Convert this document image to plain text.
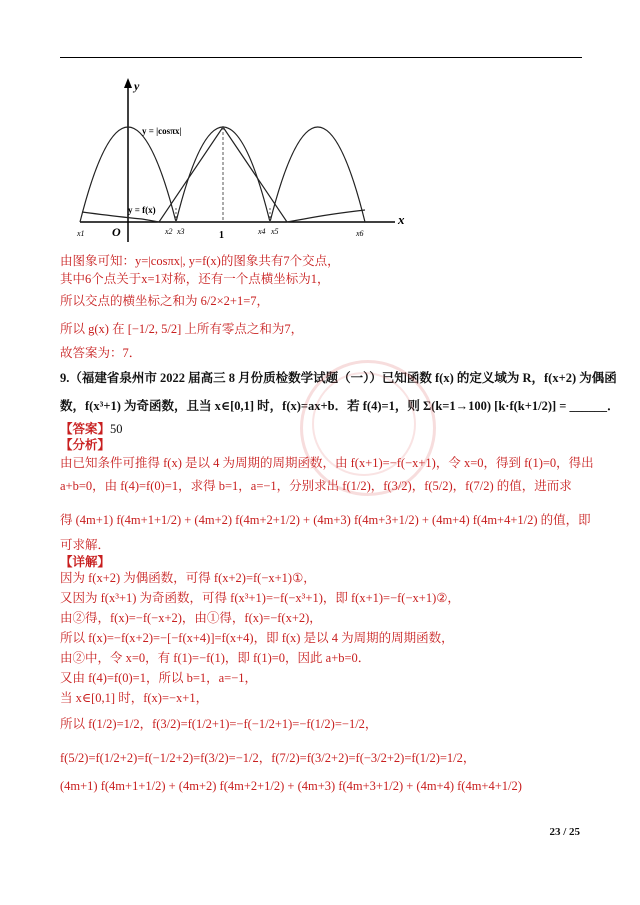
y
x
O	1
y = |cosπx|
y = f(x)
x1	x2 x3	x4 x5	x6
由图象可知：y=|cosπx|, y=f(x)的图象共有7个交点，
其中6个点关于x=1对称，还有一个点横坐标为1，
所以交点的横坐标之和为 6/2×2+1=7，
所以 g(x) 在 [−1/2, 5/2] 上所有零点之和为7，
故答案为：7．
9.（福建省泉州市 2022 届高三 8 月份质检数学试题（一））已知函数 f(x) 的定义域为 R，f(x+2) 为偶函
数，f(x³+1) 为奇函数，且当 x∈[0,1] 时，f(x)=ax+b．若 f(4)=1，则 Σ(k=1→100) [k·f(k+1/2)] = ______．
【答案】50
【分析】
由已知条件可推得 f(x) 是以 4 为周期的周期函数，由 f(x+1)=−f(−x+1)，令 x=0，得到 f(1)=0，得出
a+b=0，由 f(4)=f(0)=1，求得 b=1，a=−1，分别求出 f(1/2)，f(3/2)，f(5/2)，f(7/2) 的值，进而求
得 (4m+1) f(4m+1+1/2) + (4m+2) f(4m+2+1/2) + (4m+3) f(4m+3+1/2) + (4m+4) f(4m+4+1/2) 的值，即
可求解．
【详解】
因为 f(x+2) 为偶函数，可得 f(x+2)=f(−x+1)①，
又因为 f(x³+1) 为奇函数，可得 f(x³+1)=−f(−x³+1)，即 f(x+1)=−f(−x+1)②，
由②得，f(x)=−f(−x+2)，由①得，f(x)=−f(x+2)，
所以 f(x)=−f(x+2)=−[−f(x+4)]=f(x+4)，即 f(x) 是以 4 为周期的周期函数，
由②中，令 x=0，有 f(1)=−f(1)，即 f(1)=0，因此 a+b=0．
又由 f(4)=f(0)=1，所以 b=1，a=−1，
当 x∈[0,1] 时，f(x)=−x+1，
所以 f(1/2)=1/2，f(3/2)=f(1/2+1)=−f(−1/2+1)=−f(1/2)=−1/2，
f(5/2)=f(1/2+2)=f(−1/2+2)=f(3/2)=−1/2，f(7/2)=f(3/2+2)=f(−3/2+2)=f(1/2)=1/2，
(4m+1) f(4m+1+1/2) + (4m+2) f(4m+2+1/2) + (4m+3) f(4m+3+1/2) + (4m+4) f(4m+4+1/2)
23 / 25
